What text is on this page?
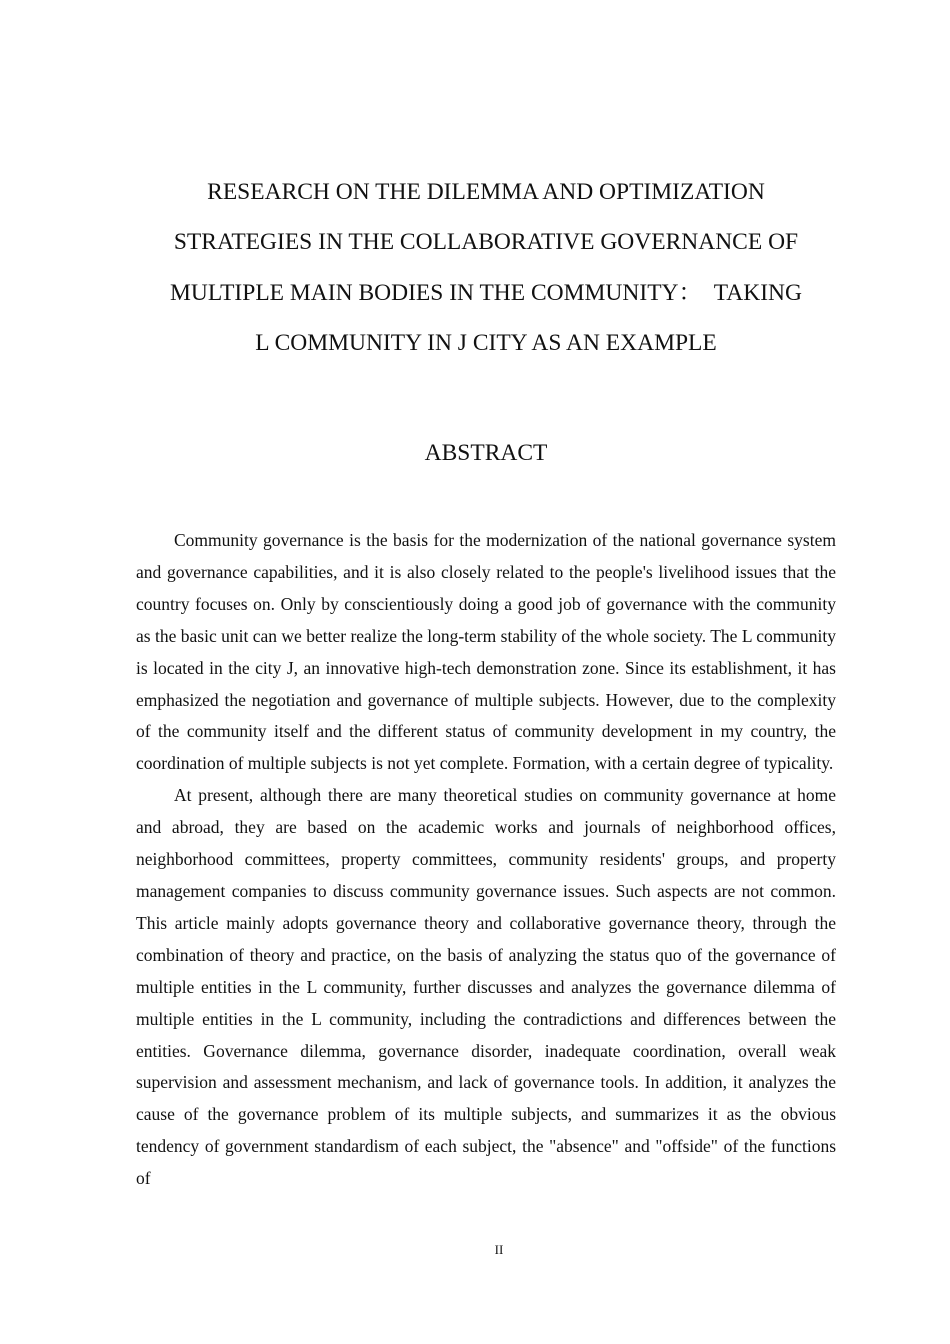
RESEARCH ON THE DILEMMA AND OPTIMIZATION
STRATEGIES IN THE COLLABORATIVE GOVERNANCE OF
MULTIPLE MAIN BODIES IN THE COMMUNITY：　TAKING
L COMMUNITY IN J CITY AS AN EXAMPLE
ABSTRACT

Community governance is the basis for the modernization of the national governance system and governance capabilities, and it is also closely related to the people's livelihood issues that the country focuses on. Only by conscientiously doing a good job of governance with the community as the basic unit can we better realize the long-term stability of the whole society. The L community is located in the city J, an innovative high-tech demonstration zone. Since its establishment, it has emphasized the negotiation and governance of multiple subjects. However, due to the complexity of the community itself and the different status of community development in my country, the coordination of multiple subjects is not yet complete. Formation, with a certain degree of typicality.

At present, although there are many theoretical studies on community governance at home and abroad, they are based on the academic works and journals of neighborhood offices, neighborhood committees, property committees, community residents' groups, and property management companies to discuss community governance issues. Such aspects are not common. This article mainly adopts governance theory and collaborative governance theory, through the combination of theory and practice, on the basis of analyzing the status quo of the governance of multiple entities in the L community, further discusses and analyzes the governance dilemma of multiple entities in the L community, including the contradictions and differences between the entities. Governance dilemma, governance disorder, inadequate coordination, overall weak supervision and assessment mechanism, and lack of governance tools. In addition, it analyzes the cause of the governance problem of its multiple subjects, and summarizes it as the obvious tendency of government standardism of each subject, the "absence" and "offside" of the functions of

II
